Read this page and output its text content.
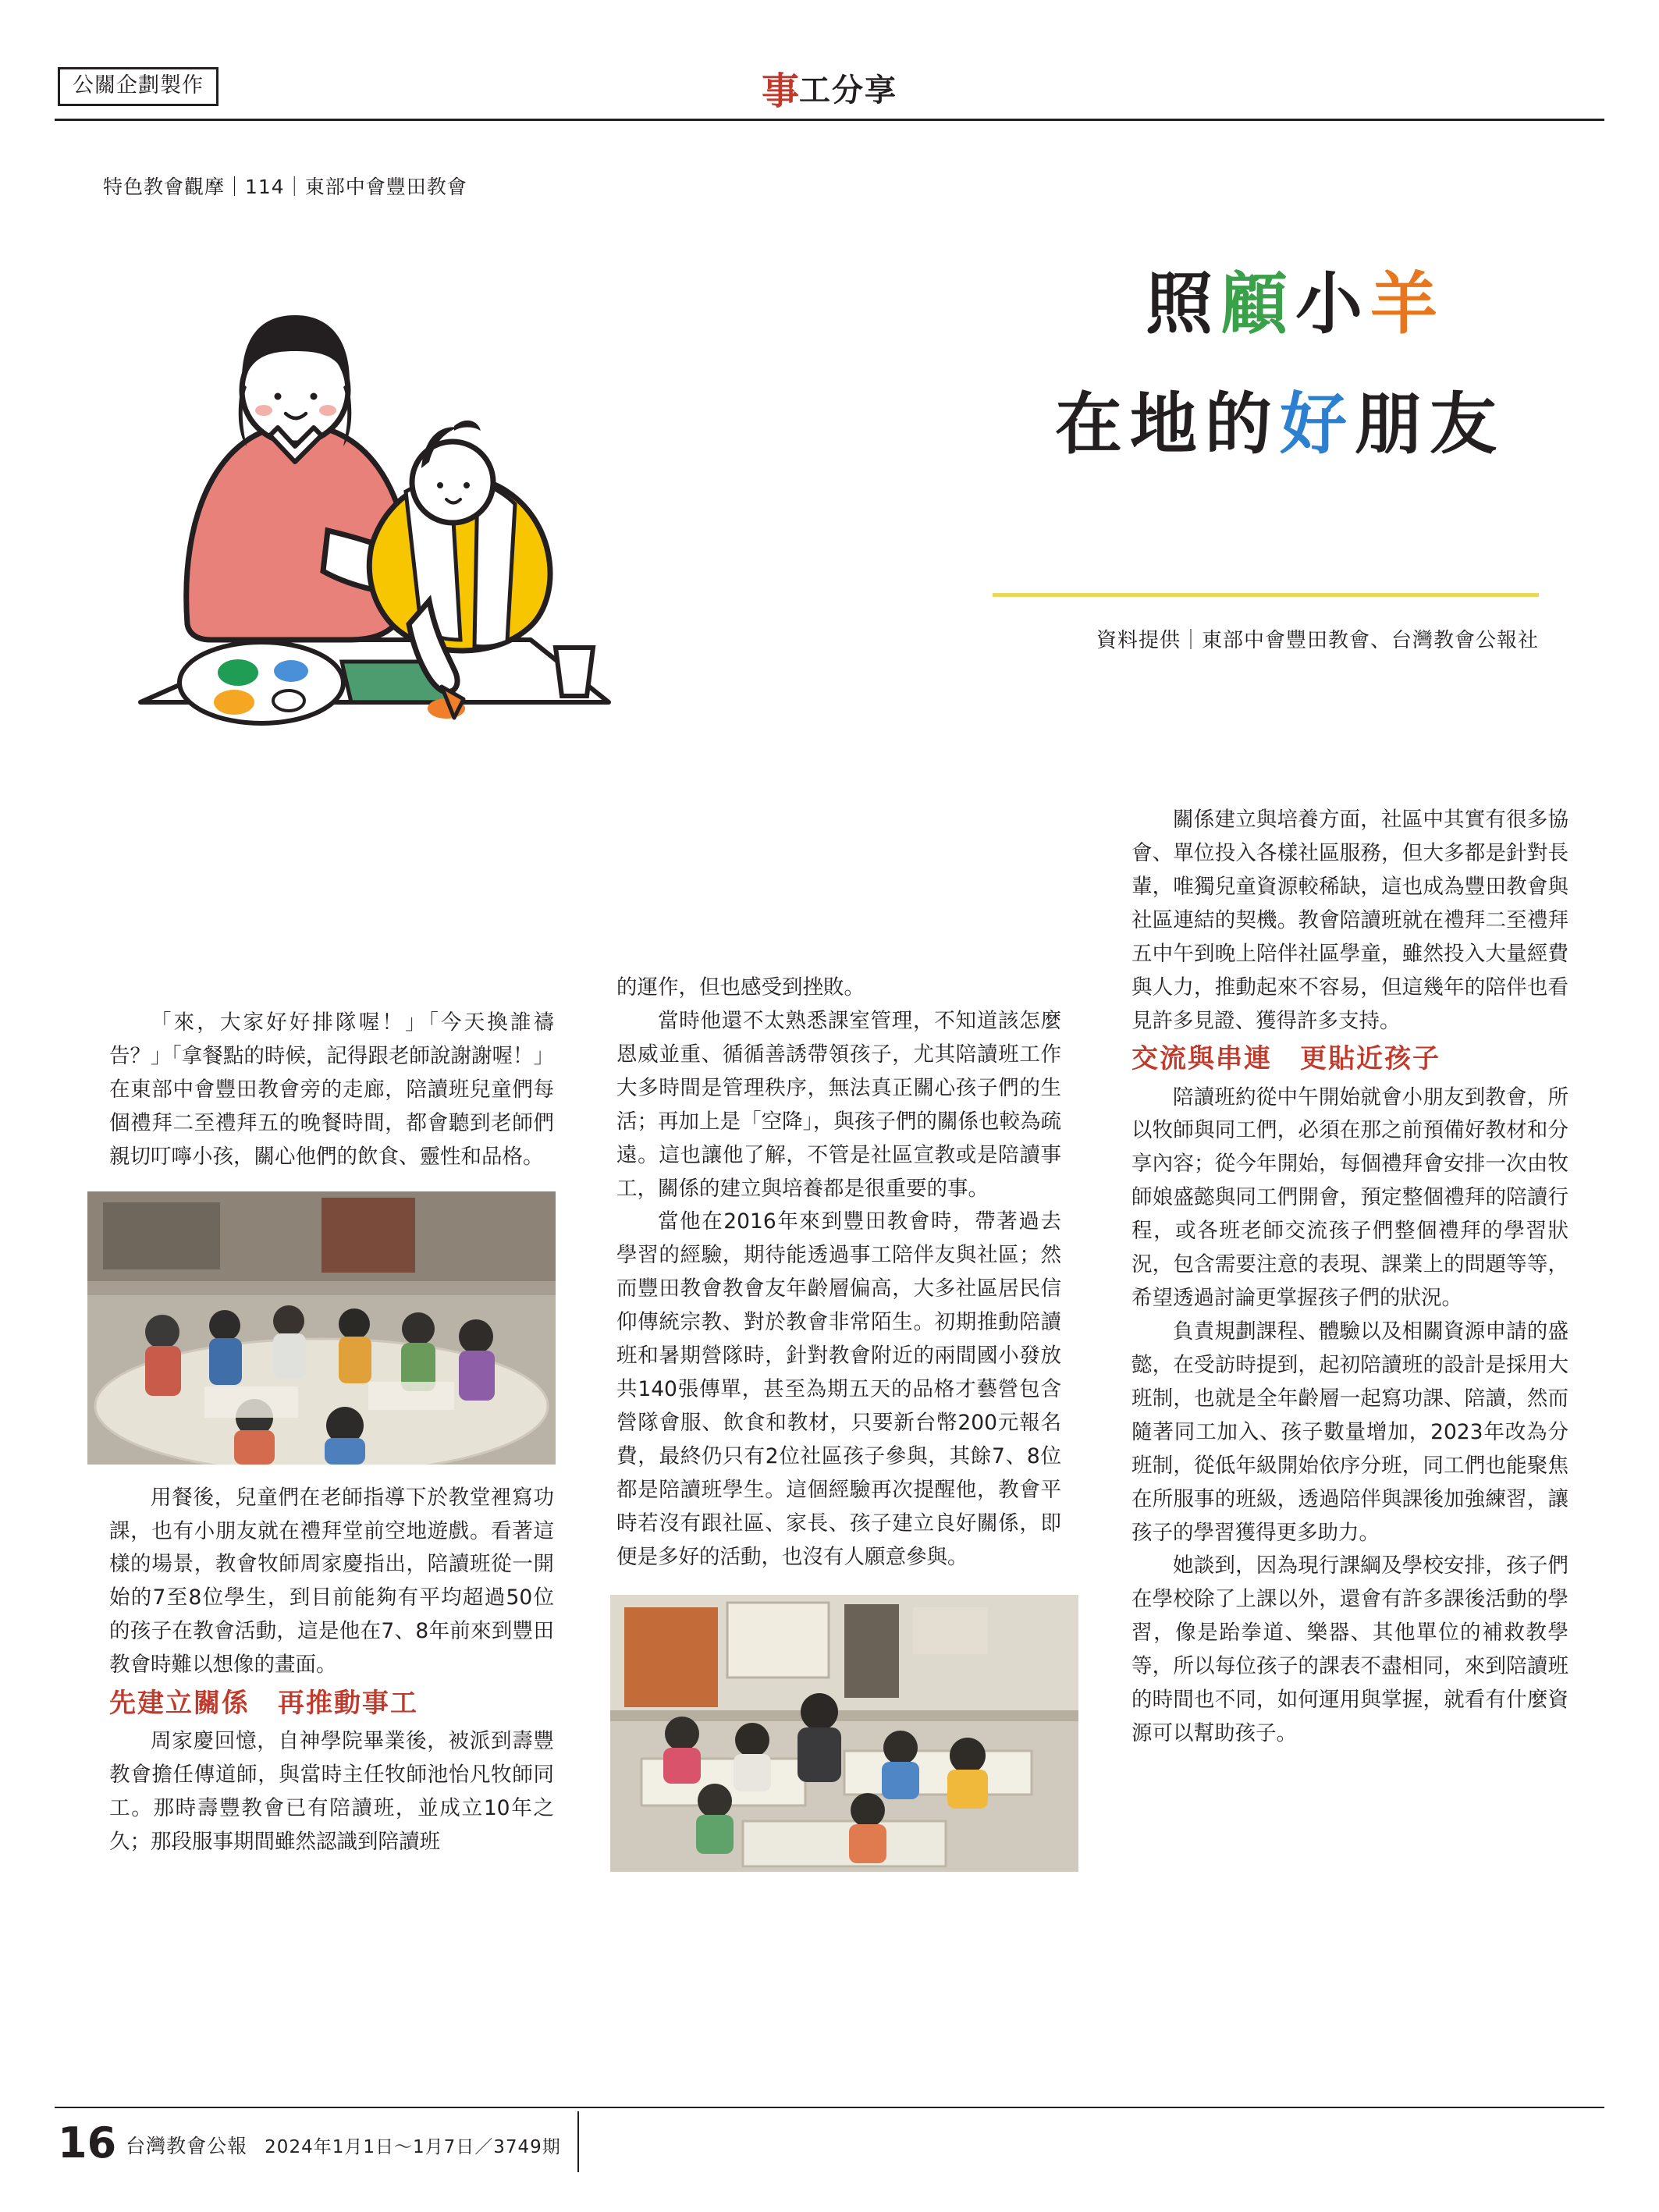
公關企劃製作	事工分享
特色教會觀摩｜114｜東部中會豐田教會
照顧小羊
在地的好朋友
資料提供｜東部中會豐田教會、台灣教會公報社

「來，大家好好排隊喔！」「今天換誰禱告？」「拿餐點的時候，記得跟老師說謝謝喔！」在東部中會豐田教會旁的走廊，陪讀班兒童們每個禮拜二至禮拜五的晚餐時間，都會聽到老師們親切叮嚀小孩，關心他們的飲食、靈性和品格。

用餐後，兒童們在老師指導下於教堂裡寫功課，也有小朋友就在禮拜堂前空地遊戲。看著這樣的場景，教會牧師周家慶指出，陪讀班從一開始的7至8位學生，到目前能夠有平均超過50位的孩子在教會活動，這是他在7、8年前來到豐田教會時難以想像的畫面。

先建立關係　再推動事工

周家慶回憶，自神學院畢業後，被派到壽豐教會擔任傳道師，與當時主任牧師池怡凡牧師同工。那時壽豐教會已有陪讀班，並成立10年之久；那段服事期間雖然認識到陪讀班

的運作，但也感受到挫敗。

當時他還不太熟悉課室管理，不知道該怎麼恩威並重、循循善誘帶領孩子，尤其陪讀班工作大多時間是管理秩序，無法真正關心孩子們的生活；再加上是「空降」，與孩子們的關係也較為疏遠。這也讓他了解，不管是社區宣教或是陪讀事工，關係的建立與培養都是很重要的事。

當他在2016年來到豐田教會時，帶著過去學習的經驗，期待能透過事工陪伴友與社區；然而豐田教會教會友年齡層偏高，大多社區居民信仰傳統宗教、對於教會非常陌生。初期推動陪讀班和暑期營隊時，針對教會附近的兩間國小發放共140張傳單，甚至為期五天的品格才藝營包含營隊會服、飲食和教材，只要新台幣200元報名費，最終仍只有2位社區孩子參與，其餘7、8位都是陪讀班學生。這個經驗再次提醒他，教會平時若沒有跟社區、家長、孩子建立良好關係，即便是多好的活動，也沒有人願意參與。

關係建立與培養方面，社區中其實有很多協會、單位投入各樣社區服務，但大多都是針對長輩，唯獨兒童資源較稀缺，這也成為豐田教會與社區連結的契機。教會陪讀班就在禮拜二至禮拜五中午到晚上陪伴社區學童，雖然投入大量經費與人力，推動起來不容易，但這幾年的陪伴也看見許多見證、獲得許多支持。

交流與串連　更貼近孩子

陪讀班約從中午開始就會小朋友到教會，所以牧師與同工們，必須在那之前預備好教材和分享內容；從今年開始，每個禮拜會安排一次由牧師娘盛懿與同工們開會，預定整個禮拜的陪讀行程，或各班老師交流孩子們整個禮拜的學習狀況，包含需要注意的表現、課業上的問題等等，希望透過討論更掌握孩子們的狀況。

負責規劃課程、體驗以及相關資源申請的盛懿，在受訪時提到，起初陪讀班的設計是採用大班制，也就是全年齡層一起寫功課、陪讀，然而隨著同工加入、孩子數量增加，2023年改為分班制，從低年級開始依序分班，同工們也能聚焦在所服事的班級，透過陪伴與課後加強練習，讓孩子的學習獲得更多助力。

她談到，因為現行課綱及學校安排，孩子們在學校除了上課以外，還會有許多課後活動的學習，像是跆拳道、樂器、其他單位的補救教學等，所以每位孩子的課表不盡相同，來到陪讀班的時間也不同，如何運用與掌握，就看有什麼資源可以幫助孩子。

16 台灣教會公報 2024年1月1日～1月7日／3749期
